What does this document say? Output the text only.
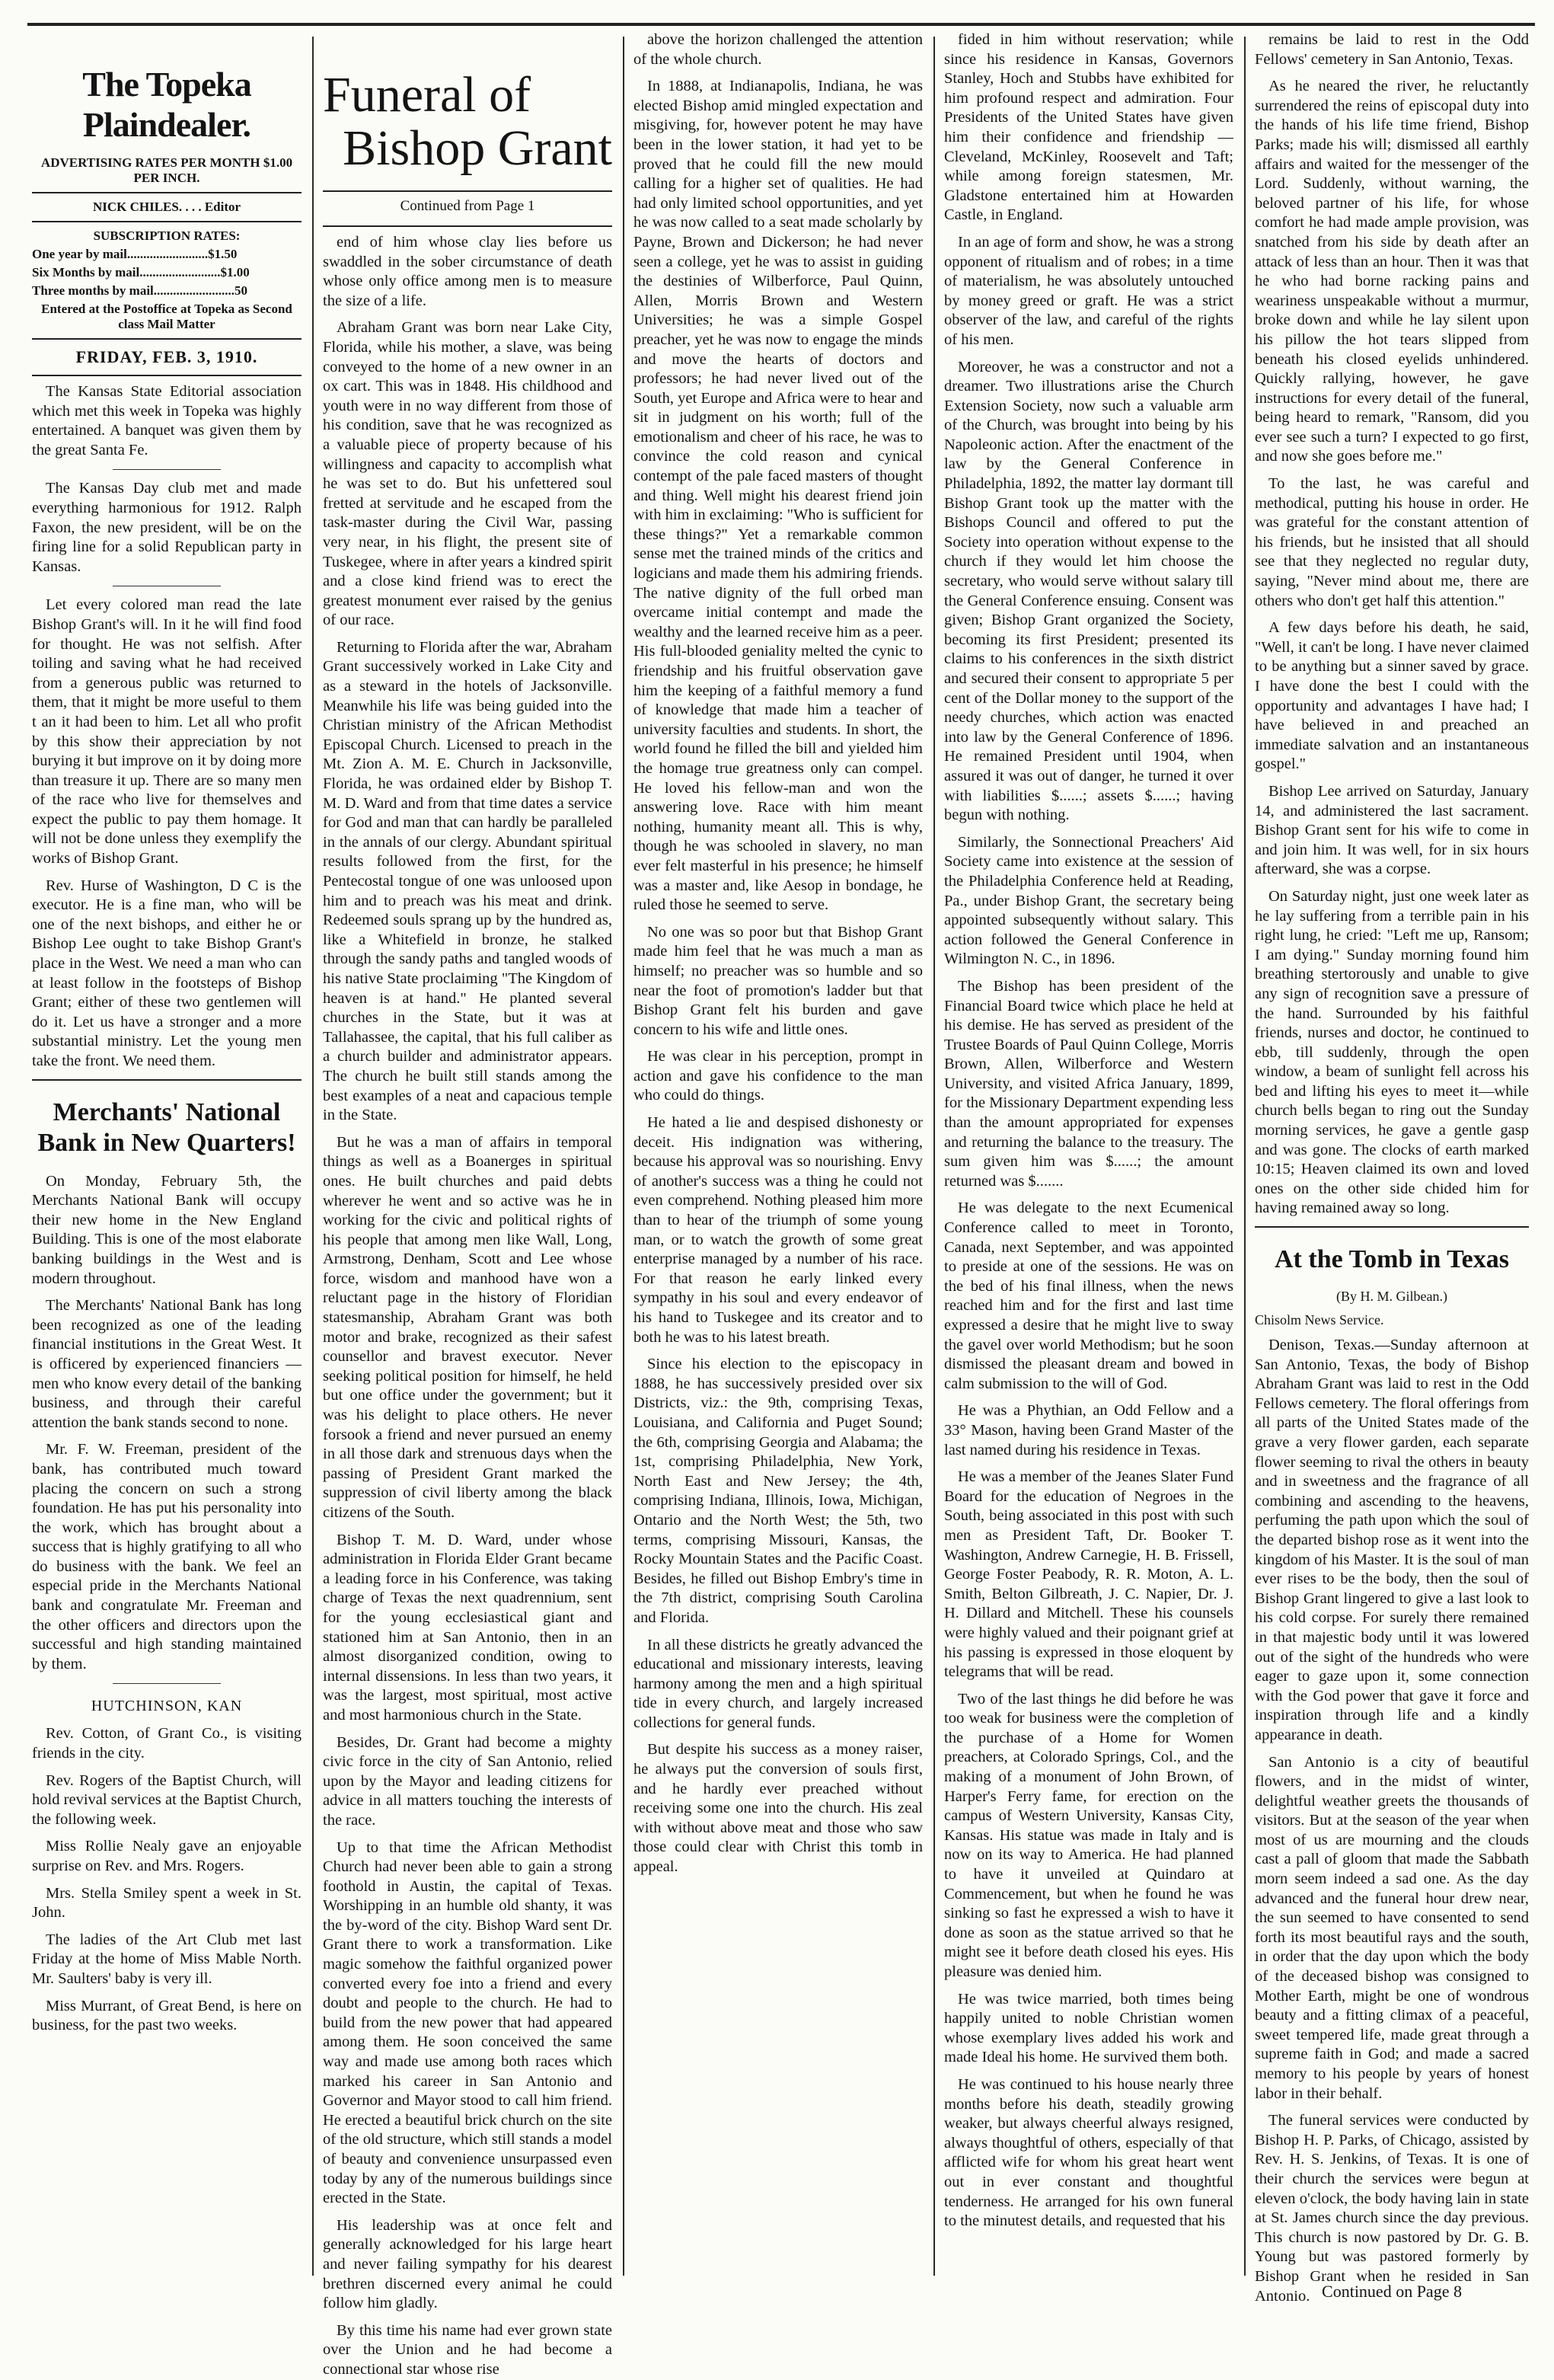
The Topeka Plaindealer.
ADVERTISING RATES PER MONTH $1.00 PER INCH.
NICK CHILES. . . . Editor
SUBSCRIPTION RATES:
One year by mail.........................$1.50
Six Months by mail.........................$1.00
Three months by mail.........................50
Entered at the Postoffice at Topeka as Second class Mail Matter
FRIDAY, FEB. 3, 1910.

The Kansas State Editorial association which met this week in Topeka was highly entertained. A banquet was given them by the great Santa Fe.

The Kansas Day club met and made everything harmonious for 1912. Ralph Faxon, the new president, will be on the firing line for a solid Republican party in Kansas.

Let every colored man read the late Bishop Grant's will. In it he will find food for thought. He was not selfish. After toiling and saving what he had received from a generous public was returned to them, that it might be more useful to them t an it had been to him. Let all who profit by this show their appreciation by not burying it but improve on it by doing more than treasure it up. There are so many men of the race who live for themselves and expect the public to pay them homage. It will not be done unless they exemplify the works of Bishop Grant.

Rev. Hurse of Washington, D C is the executor. He is a fine man, who will be one of the next bishops, and either he or Bishop Lee ought to take Bishop Grant's place in the West. We need a man who can at least follow in the footsteps of Bishop Grant; either of these two gentlemen will do it. Let us have a stronger and a more substantial ministry. Let the young men take the front. We need them.

Merchants' National Bank in New Quarters!

On Monday, February 5th, the Merchants National Bank will occupy their new home in the New England Building. This is one of the most elaborate banking buildings in the West and is modern throughout.

The Merchants' National Bank has long been recognized as one of the leading financial institutions in the Great West. It is officered by experienced financiers — men who know every detail of the banking business, and through their careful attention the bank stands second to none.

Mr. F. W. Freeman, president of the bank, has contributed much toward placing the concern on such a strong foundation. He has put his personality into the work, which has brought about a success that is highly gratifying to all who do business with the bank. We feel an especial pride in the Merchants National bank and congratulate Mr. Freeman and the other officers and directors upon the successful and high standing maintained by them.

HUTCHINSON, KAN

Rev. Cotton, of Grant Co., is visiting friends in the city.

Rev. Rogers of the Baptist Church, will hold revival services at the Baptist Church, the following week.

Miss Rollie Nealy gave an enjoyable surprise on Rev. and Mrs. Rogers.

Mrs. Stella Smiley spent a week in St. John.

The ladies of the Art Club met last Friday at the home of Miss Mable North. Mr. Saulters' baby is very ill.

Miss Murrant, of Great Bend, is here on business, for the past two weeks.

Funeral of
Bishop Grant
Continued from Page 1

end of him whose clay lies before us swaddled in the sober circumstance of death whose only office among men is to measure the size of a life.

Abraham Grant was born near Lake City, Florida, while his mother, a slave, was being conveyed to the home of a new owner in an ox cart. This was in 1848. His childhood and youth were in no way different from those of his condition, save that he was recognized as a valuable piece of property because of his willingness and capacity to accomplish what he was set to do. But his unfettered soul fretted at servitude and he escaped from the task-master during the Civil War, passing very near, in his flight, the present site of Tuskegee, where in after years a kindred spirit and a close kind friend was to erect the greatest monument ever raised by the genius of our race.

Returning to Florida after the war, Abraham Grant successively worked in Lake City and as a steward in the hotels of Jacksonville. Meanwhile his life was being guided into the Christian ministry of the African Methodist Episcopal Church. Licensed to preach in the Mt. Zion A. M. E. Church in Jacksonville, Florida, he was ordained elder by Bishop T. M. D. Ward and from that time dates a service for God and man that can hardly be paralleled in the annals of our clergy. Abundant spiritual results followed from the first, for the Pentecostal tongue of one was unloosed upon him and to preach was his meat and drink. Redeemed souls sprang up by the hundred as, like a Whitefield in bronze, he stalked through the sandy paths and tangled woods of his native State proclaiming "The Kingdom of heaven is at hand." He planted several churches in the State, but it was at Tallahassee, the capital, that his full caliber as a church builder and administrator appears. The church he built still stands among the best examples of a neat and capacious temple in the State.

But he was a man of affairs in temporal things as well as a Boanerges in spiritual ones. He built churches and paid debts wherever he went and so active was he in working for the civic and political rights of his people that among men like Wall, Long, Armstrong, Denham, Scott and Lee whose force, wisdom and manhood have won a reluctant page in the history of Floridian statesmanship, Abraham Grant was both motor and brake, recognized as their safest counsellor and bravest executor. Never seeking political position for himself, he held but one office under the government; but it was his delight to place others. He never forsook a friend and never pursued an enemy in all those dark and strenuous days when the passing of President Grant marked the suppression of civil liberty among the black citizens of the South.

Bishop T. M. D. Ward, under whose administration in Florida Elder Grant became a leading force in his Conference, was taking charge of Texas the next quadrennium, sent for the young ecclesiastical giant and stationed him at San Antonio, then in an almost disorganized condition, owing to internal dissensions. In less than two years, it was the largest, most spiritual, most active and most harmonious church in the State.

Besides, Dr. Grant had become a mighty civic force in the city of San Antonio, relied upon by the Mayor and leading citizens for advice in all matters touching the interests of the race.

Up to that time the African Methodist Church had never been able to gain a strong foothold in Austin, the capital of Texas. Worshipping in an humble old shanty, it was the by-word of the city. Bishop Ward sent Dr. Grant there to work a transformation. Like magic somehow the faithful organized power converted every foe into a friend and every doubt and people to the church. He had to build from the new power that had appeared among them. He soon conceived the same way and made use among both races which marked his career in San Antonio and Governor and Mayor stood to call him friend. He erected a beautiful brick church on the site of the old structure, which still stands a model of beauty and convenience unsurpassed even today by any of the numerous buildings since erected in the State.

His leadership was at once felt and generally acknowledged for his large heart and never failing sympathy for his dearest brethren discerned every animal he could follow him gladly.

By this time his name had ever grown state over the Union and he had become a connectional star whose rise

above the horizon challenged the attention of the whole church.

In 1888, at Indianapolis, Indiana, he was elected Bishop amid mingled expectation and misgiving, for, however potent he may have been in the lower station, it had yet to be proved that he could fill the new mould calling for a higher set of qualities. He had had only limited school opportunities, and yet he was now called to a seat made scholarly by Payne, Brown and Dickerson; he had never seen a college, yet he was to assist in guiding the destinies of Wilberforce, Paul Quinn, Allen, Morris Brown and Western Universities; he was a simple Gospel preacher, yet he was now to engage the minds and move the hearts of doctors and professors; he had never lived out of the South, yet Europe and Africa were to hear and sit in judgment on his worth; full of the emotionalism and cheer of his race, he was to convince the cold reason and cynical contempt of the pale faced masters of thought and thing. Well might his dearest friend join with him in exclaiming: "Who is sufficient for these things?" Yet a remarkable common sense met the trained minds of the critics and logicians and made them his admiring friends. The native dignity of the full orbed man overcame initial contempt and made the wealthy and the learned receive him as a peer. His full-blooded geniality melted the cynic to friendship and his fruitful observation gave him the keeping of a faithful memory a fund of knowledge that made him a teacher of university faculties and students. In short, the world found he filled the bill and yielded him the homage true greatness only can compel. He loved his fellow-man and won the answering love. Race with him meant nothing, humanity meant all. This is why, though he was schooled in slavery, no man ever felt masterful in his presence; he himself was a master and, like Aesop in bondage, he ruled those he seemed to serve.

No one was so poor but that Bishop Grant made him feel that he was much a man as himself; no preacher was so humble and so near the foot of promotion's ladder but that Bishop Grant felt his burden and gave concern to his wife and little ones.

He was clear in his perception, prompt in action and gave his confidence to the man who could do things.

He hated a lie and despised dishonesty or deceit. His indignation was withering, because his approval was so nourishing. Envy of another's success was a thing he could not even comprehend. Nothing pleased him more than to hear of the triumph of some young man, or to watch the growth of some great enterprise managed by a number of his race. For that reason he early linked every sympathy in his soul and every endeavor of his hand to Tuskegee and its creator and to both he was to his latest breath.

Since his election to the episcopacy in 1888, he has successively presided over six Districts, viz.: the 9th, comprising Texas, Louisiana, and California and Puget Sound; the 6th, comprising Georgia and Alabama; the 1st, comprising Philadelphia, New York, North East and New Jersey; the 4th, comprising Indiana, Illinois, Iowa, Michigan, Ontario and the North West; the 5th, two terms, comprising Missouri, Kansas, the Rocky Mountain States and the Pacific Coast. Besides, he filled out Bishop Embry's time in the 7th district, comprising South Carolina and Florida.

In all these districts he greatly advanced the educational and missionary interests, leaving harmony among the men and a high spiritual tide in every church, and largely increased collections for general funds.

But despite his success as a money raiser, he always put the conversion of souls first, and he hardly ever preached without receiving some one into the church. His zeal with without above meat and those who saw those could clear with Christ this tomb in appeal.

fided in him without reservation; while since his residence in Kansas, Governors Stanley, Hoch and Stubbs have exhibited for him profound respect and admiration. Four Presidents of the United States have given him their confidence and friendship — Cleveland, McKinley, Roosevelt and Taft; while among foreign statesmen, Mr. Gladstone entertained him at Howarden Castle, in England.

In an age of form and show, he was a strong opponent of ritualism and of robes; in a time of materialism, he was absolutely untouched by money greed or graft. He was a strict observer of the law, and careful of the rights of his men.

Moreover, he was a constructor and not a dreamer. Two illustrations arise the Church Extension Society, now such a valuable arm of the Church, was brought into being by his Napoleonic action. After the enactment of the law by the General Conference in Philadelphia, 1892, the matter lay dormant till Bishop Grant took up the matter with the Bishops Council and offered to put the Society into operation without expense to the church if they would let him choose the secretary, who would serve without salary till the General Conference ensuing. Consent was given; Bishop Grant organized the Society, becoming its first President; presented its claims to his conferences in the sixth district and secured their consent to appropriate 5 per cent of the Dollar money to the support of the needy churches, which action was enacted into law by the General Conference of 1896. He remained President until 1904, when assured it was out of danger, he turned it over with liabilities $......; assets $......; having begun with nothing.

Similarly, the Sonnectional Preachers' Aid Society came into existence at the session of the Philadelphia Conference held at Reading, Pa., under Bishop Grant, the secretary being appointed subsequently without salary. This action followed the General Conference in Wilmington N. C., in 1896.

The Bishop has been president of the Financial Board twice which place he held at his demise. He has served as president of the Trustee Boards of Paul Quinn College, Morris Brown, Allen, Wilberforce and Western University, and visited Africa January, 1899, for the Missionary Department expending less than the amount appropriated for expenses and returning the balance to the treasury. The sum given him was $......; the amount returned was $.......

He was delegate to the next Ecumenical Conference called to meet in Toronto, Canada, next September, and was appointed to preside at one of the sessions. He was on the bed of his final illness, when the news reached him and for the first and last time expressed a desire that he might live to sway the gavel over world Methodism; but he soon dismissed the pleasant dream and bowed in calm submission to the will of God.

He was a Phythian, an Odd Fellow and a 33° Mason, having been Grand Master of the last named during his residence in Texas.

He was a member of the Jeanes Slater Fund Board for the education of Negroes in the South, being associated in this post with such men as President Taft, Dr. Booker T. Washington, Andrew Carnegie, H. B. Frissell, George Foster Peabody, R. R. Moton, A. L. Smith, Belton Gilbreath, J. C. Napier, Dr. J. H. Dillard and Mitchell. These his counsels were highly valued and their poignant grief at his passing is expressed in those eloquent by telegrams that will be read.

Two of the last things he did before he was too weak for business were the completion of the purchase of a Home for Women preachers, at Colorado Springs, Col., and the making of a monument of John Brown, of Harper's Ferry fame, for erection on the campus of Western University, Kansas City, Kansas. His statue was made in Italy and is now on its way to America. He had planned to have it unveiled at Quindaro at Commencement, but when he found he was sinking so fast he expressed a wish to have it done as soon as the statue arrived so that he might see it before death closed his eyes. His pleasure was denied him.

He was twice married, both times being happily united to noble Christian women whose exemplary lives added his work and made Ideal his home. He survived them both.

He was continued to his house nearly three months before his death, steadily growing weaker, but always cheerful always resigned, always thoughtful of others, especially of that afflicted wife for whom his great heart went out in ever constant and thoughtful tenderness. He arranged for his own funeral to the minutest details, and requested that his

remains be laid to rest in the Odd Fellows' cemetery in San Antonio, Texas.

As he neared the river, he reluctantly surrendered the reins of episcopal duty into the hands of his life time friend, Bishop Parks; made his will; dismissed all earthly affairs and waited for the messenger of the Lord. Suddenly, without warning, the beloved partner of his life, for whose comfort he had made ample provision, was snatched from his side by death after an attack of less than an hour. Then it was that he who had borne racking pains and weariness unspeakable without a murmur, broke down and while he lay silent upon his pillow the hot tears slipped from beneath his closed eyelids unhindered. Quickly rallying, however, he gave instructions for every detail of the funeral, being heard to remark, "Ransom, did you ever see such a turn? I expected to go first, and now she goes before me."

To the last, he was careful and methodical, putting his house in order. He was grateful for the constant attention of his friends, but he insisted that all should see that they neglected no regular duty, saying, "Never mind about me, there are others who don't get half this attention."

A few days before his death, he said, "Well, it can't be long. I have never claimed to be anything but a sinner saved by grace. I have done the best I could with the opportunity and advantages I have had; I have believed in and preached an immediate salvation and an instantaneous gospel."

Bishop Lee arrived on Saturday, January 14, and administered the last sacrament. Bishop Grant sent for his wife to come in and join him. It was well, for in six hours afterward, she was a corpse.

On Saturday night, just one week later as he lay suffering from a terrible pain in his right lung, he cried: "Left me up, Ransom; I am dying." Sunday morning found him breathing stertorously and unable to give any sign of recognition save a pressure of the hand. Surrounded by his faithful friends, nurses and doctor, he continued to ebb, till suddenly, through the open window, a beam of sunlight fell across his bed and lifting his eyes to meet it—while church bells began to ring out the Sunday morning services, he gave a gentle gasp and was gone. The clocks of earth marked 10:15; Heaven claimed its own and loved ones on the other side chided him for having remained away so long.

At the Tomb in Texas
(By H. M. Gilbean.)
Chisolm News Service.

Denison, Texas.—Sunday afternoon at San Antonio, Texas, the body of Bishop Abraham Grant was laid to rest in the Odd Fellows cemetery. The floral offerings from all parts of the United States made of the grave a very flower garden, each separate flower seeming to rival the others in beauty and in sweetness and the fragrance of all combining and ascending to the heavens, perfuming the path upon which the soul of the departed bishop rose as it went into the kingdom of his Master. It is the soul of man ever rises to be the body, then the soul of Bishop Grant lingered to give a last look to his cold corpse. For surely there remained in that majestic body until it was lowered out of the sight of the hundreds who were eager to gaze upon it, some connection with the God power that gave it force and inspiration through life and a kindly appearance in death.

San Antonio is a city of beautiful flowers, and in the midst of winter, delightful weather greets the thousands of visitors. But at the season of the year when most of us are mourning and the clouds cast a pall of gloom that made the Sabbath morn seem indeed a sad one. As the day advanced and the funeral hour drew near, the sun seemed to have consented to send forth its most beautiful rays and the south, in order that the day upon which the body of the deceased bishop was consigned to Mother Earth, might be one of wondrous beauty and a fitting climax of a peaceful, sweet tempered life, made great through a supreme faith in God; and made a sacred memory to his people by years of honest labor in their behalf.

The funeral services were conducted by Bishop H. P. Parks, of Chicago, assisted by Rev. H. S. Jenkins, of Texas. It is one of their church the services were begun at eleven o'clock, the body having lain in state at St. James church since the day previous. This church is now pastored by Dr. G. B. Young but was pastored formerly by Bishop Grant when he resided in San Antonio. Continued on Page 8
